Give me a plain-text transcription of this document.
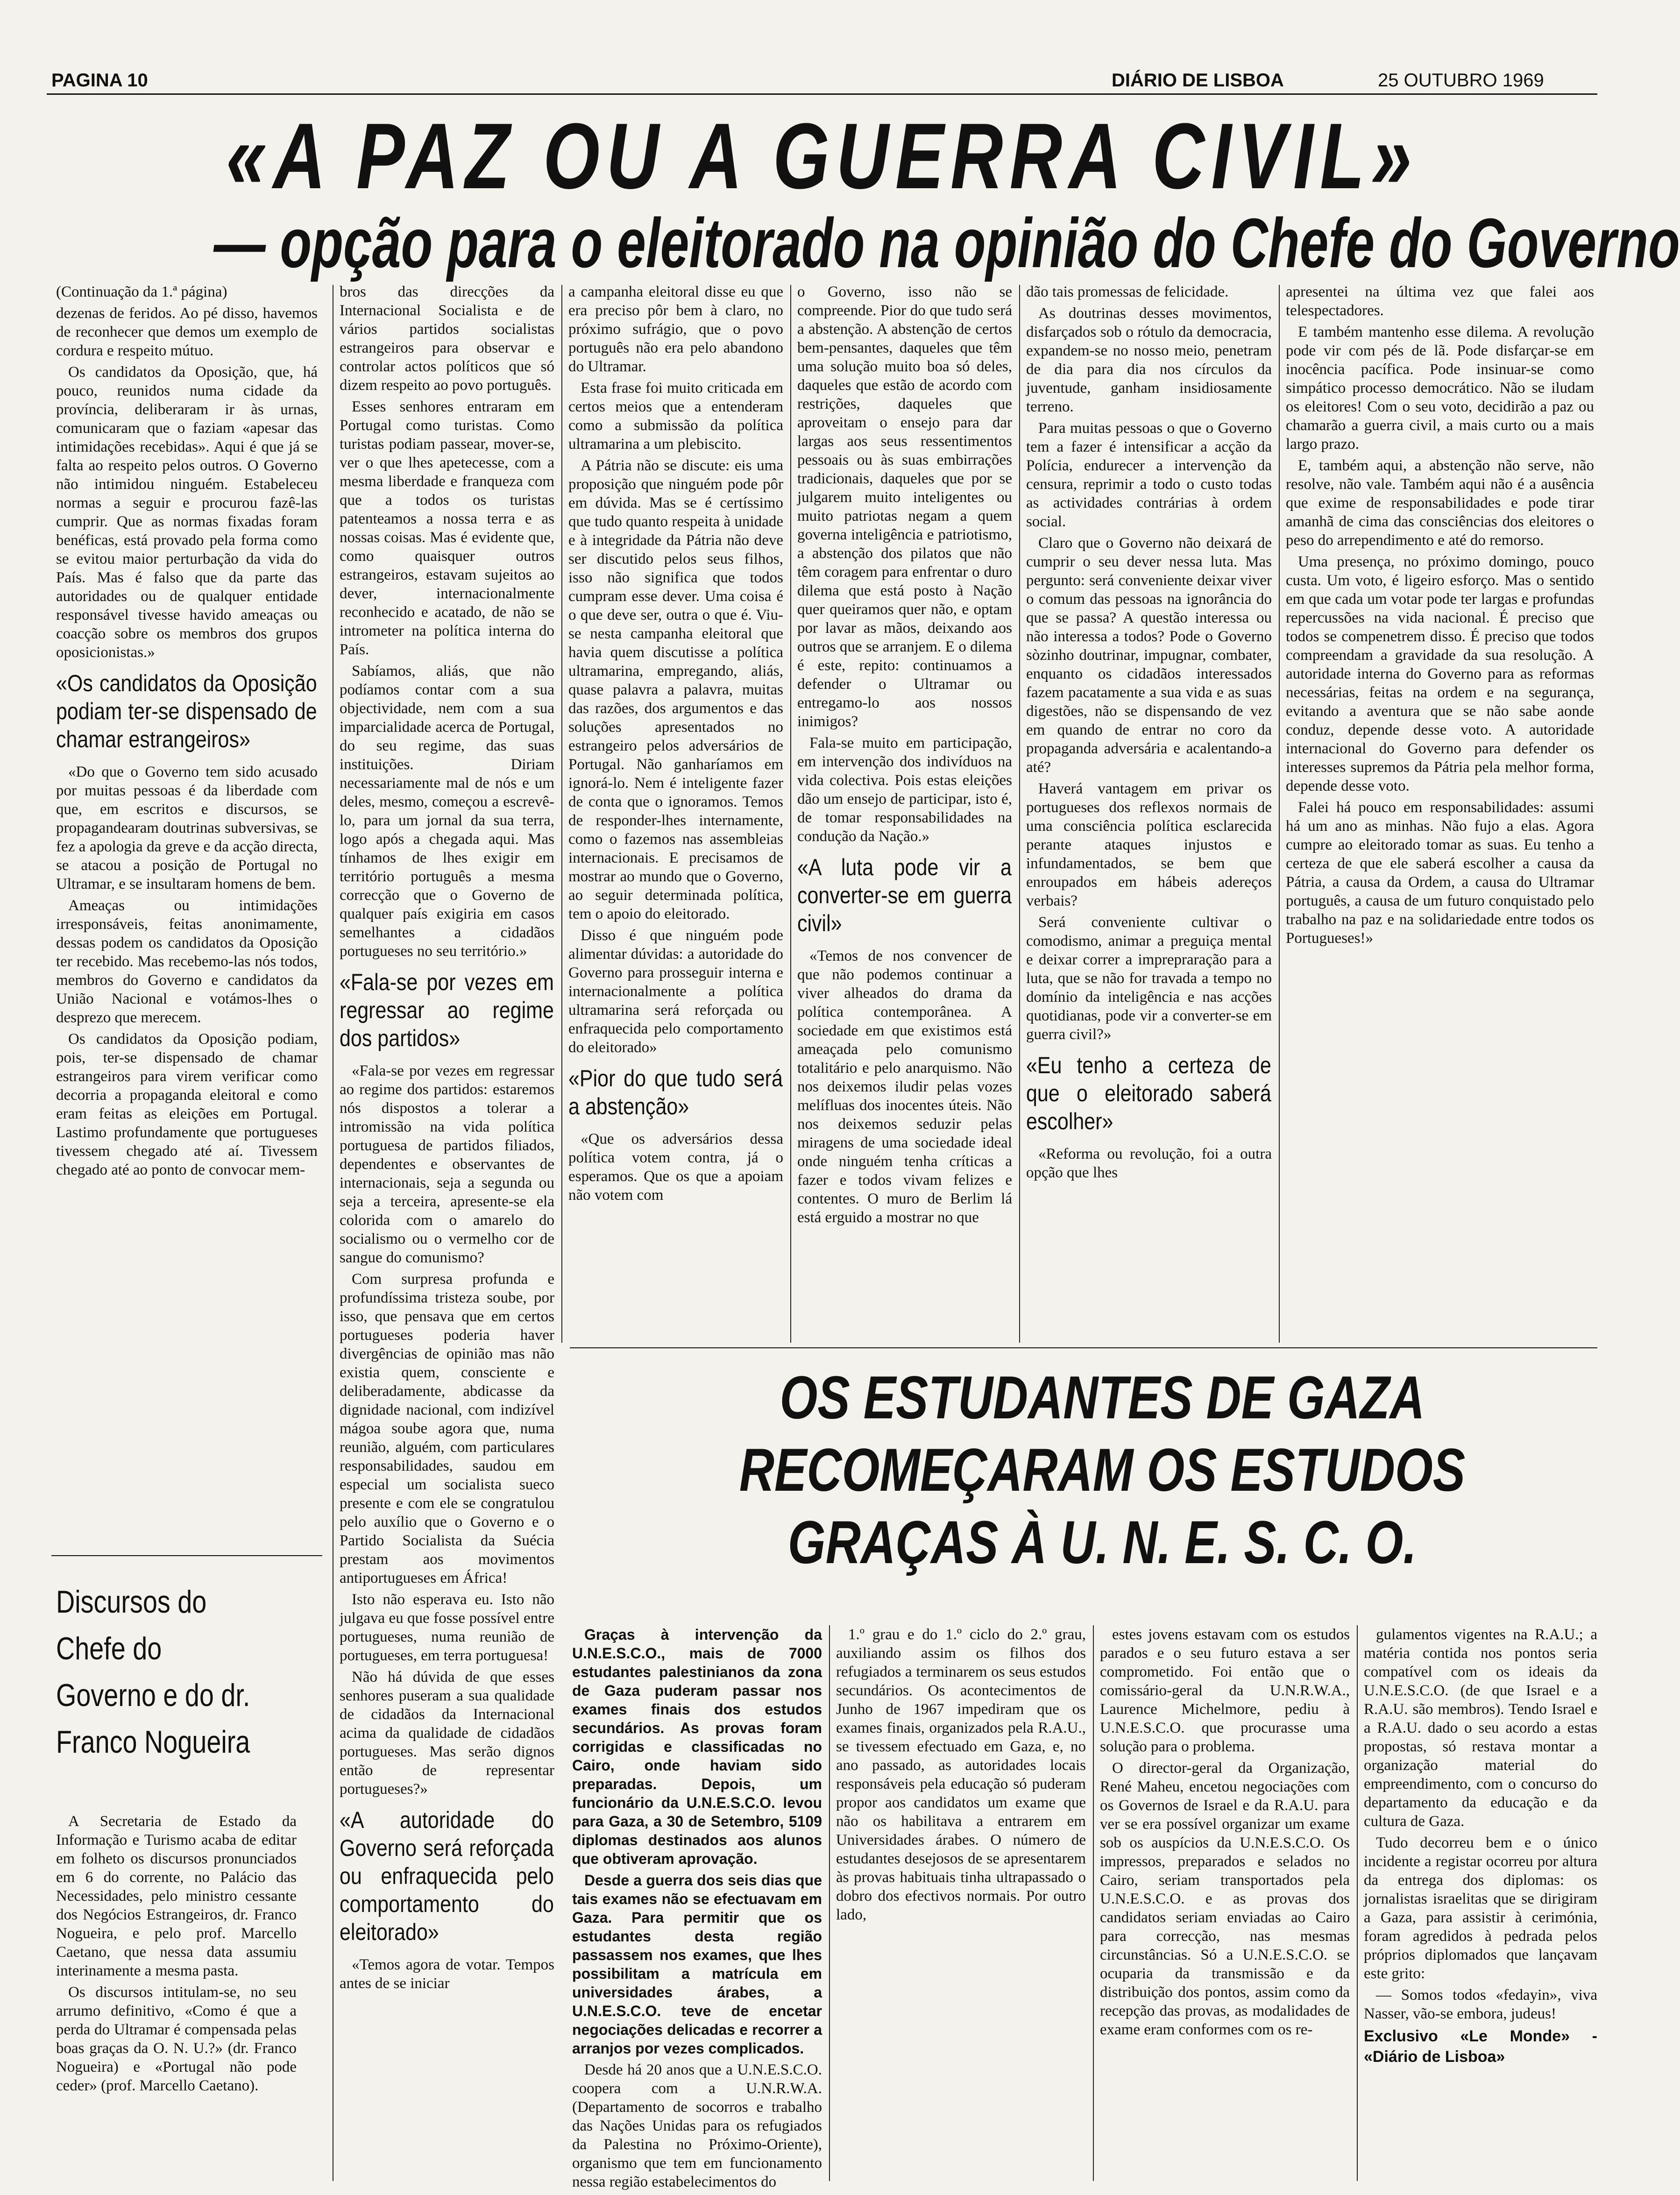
PAGINA 10	DIÁRIO DE LISBOA	25 OUTUBRO 1969
«A PAZ OU A GUERRA CIVIL»
— opção para o eleitorado na opinião do Chefe do Governo

(Continuação da 1.ª página)

dezenas de feridos. Ao pé disso, havemos de reconhecer que demos um exemplo de cordura e respeito mútuo.

Os candidatos da Oposição, que, há pouco, reunidos numa cidade da província, deliberaram ir às urnas, comunicaram que o faziam «apesar das intimidações recebidas». Aqui é que já se falta ao respeito pelos outros. O Governo não intimidou ninguém. Estabeleceu normas a seguir e procurou fazê-las cumprir. Que as normas fixadas foram benéficas, está provado pela forma como se evitou maior perturbação da vida do País. Mas é falso que da parte das autoridades ou de qualquer entidade responsável tivesse havido ameaças ou coacção sobre os membros dos grupos oposicionistas.»

«Os candidatos da Oposição podiam ter-se dispensado de chamar estrangeiros»

«Do que o Governo tem sido acusado por muitas pessoas é da liberdade com que, em escritos e discursos, se propagandearam doutrinas subversivas, se fez a apologia da greve e da acção directa, se atacou a posição de Portugal no Ultramar, e se insultaram homens de bem.

Ameaças ou intimidações irresponsáveis, feitas anonimamente, dessas podem os candidatos da Oposição ter recebido. Mas recebemo-las nós todos, membros do Governo e candidatos da União Nacional e votámos-lhes o desprezo que merecem.

Os candidatos da Oposição podiam, pois, ter-se dispensado de chamar estrangeiros para virem verificar como decorria a propaganda eleitoral e como eram feitas as eleições em Portugal. Lastimo profundamente que portugueses tivessem chegado até aí. Tivessem chegado até ao ponto de convocar mem-

bros das direcções da Internacional Socialista e de vários partidos socialistas estrangeiros para observar e controlar actos políticos que só dizem respeito ao povo português.

Esses senhores entraram em Portugal como turistas. Como turistas podiam passear, mover-se, ver o que lhes apetecesse, com a mesma liberdade e franqueza com que a todos os turistas patenteamos a nossa terra e as nossas coisas. Mas é evidente que, como quaisquer outros estrangeiros, estavam sujeitos ao dever, internacionalmente reconhecido e acatado, de não se intrometer na política interna do País.

Sabíamos, aliás, que não podíamos contar com a sua objectividade, nem com a sua imparcialidade acerca de Portugal, do seu regime, das suas instituições. Diriam necessariamente mal de nós e um deles, mesmo, começou a escrevê-lo, para um jornal da sua terra, logo após a chegada aqui. Mas tínhamos de lhes exigir em território português a mesma correcção que o Governo de qualquer país exigiria em casos semelhantes a cidadãos portugueses no seu território.»

«Fala-se por vezes em regressar ao regime dos partidos»

«Fala-se por vezes em regressar ao regime dos partidos: estaremos nós dispostos a tolerar a intromissão na vida política portuguesa de partidos filiados, dependentes e observantes de internacionais, seja a segunda ou seja a terceira, apresente-se ela colorida com o amarelo do socialismo ou o vermelho cor de sangue do comunismo?

Com surpresa profunda e profundíssima tristeza soube, por isso, que pensava que em certos portugueses poderia haver divergências de opinião mas não existia quem, consciente e deliberadamente, abdicasse da dignidade nacional, com indizível mágoa soube agora que, numa reunião, alguém, com particulares responsabilidades, saudou em especial um socialista sueco presente e com ele se congratulou pelo auxílio que o Governo e o Partido Socialista da Suécia prestam aos movimentos antiportugueses em África!

Isto não esperava eu. Isto não julgava eu que fosse possível entre portugueses, numa reunião de portugueses, em terra portuguesa!

Não há dúvida de que esses senhores puseram a sua qualidade de cidadãos da Internacional acima da qualidade de cidadãos portugueses. Mas serão dignos então de representar portugueses?»

«A autoridade do Governo será reforçada ou enfraquecida pelo comportamento do eleitorado»

«Temos agora de votar. Tempos antes de se iniciar

a campanha eleitoral disse eu que era preciso pôr bem à claro, no próximo sufrágio, que o povo português não era pelo abandono do Ultramar.

Esta frase foi muito criticada em certos meios que a entenderam como a submissão da política ultramarina a um plebiscito.

A Pátria não se discute: eis uma proposição que ninguém pode pôr em dúvida. Mas se é certíssimo que tudo quanto respeita à unidade e à integridade da Pátria não deve ser discutido pelos seus filhos, isso não significa que todos cumpram esse dever. Uma coisa é o que deve ser, outra o que é. Viu-se nesta campanha eleitoral que havia quem discutisse a política ultramarina, empregando, aliás, quase palavra a palavra, muitas das razões, dos argumentos e das soluções apresentados no estrangeiro pelos adversários de Portugal. Não ganharíamos em ignorá-lo. Nem é inteligente fazer de conta que o ignoramos. Temos de responder-lhes internamente, como o fazemos nas assembleias internacionais. E precisamos de mostrar ao mundo que o Governo, ao seguir determinada política, tem o apoio do eleitorado.

Disso é que ninguém pode alimentar dúvidas: a autoridade do Governo para prosseguir interna e internacionalmente a política ultramarina será reforçada ou enfraquecida pelo comportamento do eleitorado»

«Pior do que tudo será a abstenção»

«Que os adversários dessa política votem contra, já o esperamos. Que os que a apoiam não votem com

o Governo, isso não se compreende. Pior do que tudo será a abstenção. A abstenção de certos bem-pensantes, daqueles que têm uma solução muito boa só deles, daqueles que estão de acordo com restrições, daqueles que aproveitam o ensejo para dar largas aos seus ressentimentos pessoais ou às suas embirrações tradicionais, daqueles que por se julgarem muito inteligentes ou muito patriotas negam a quem governa inteligência e patriotismo, a abstenção dos pilatos que não têm coragem para enfrentar o duro dilema que está posto à Nação quer queiramos quer não, e optam por lavar as mãos, deixando aos outros que se arranjem. E o dilema é este, repito: continuamos a defender o Ultramar ou entregamo-lo aos nossos inimigos?

Fala-se muito em participação, em intervenção dos indivíduos na vida colectiva. Pois estas eleições dão um ensejo de participar, isto é, de tomar responsabilidades na condução da Nação.»

«A luta pode vir a converter-se em guerra civil»

«Temos de nos convencer de que não podemos continuar a viver alheados do drama da política contemporânea. A sociedade em que existimos está ameaçada pelo comunismo totalitário e pelo anarquismo. Não nos deixemos iludir pelas vozes melífluas dos inocentes úteis. Não nos deixemos seduzir pelas miragens de uma sociedade ideal onde ninguém tenha críticas a fazer e todos vivam felizes e contentes. O muro de Berlim lá está erguido a mostrar no que

dão tais promessas de felicidade.

As doutrinas desses movimentos, disfarçados sob o rótulo da democracia, expandem-se no nosso meio, penetram de dia para dia nos círculos da juventude, ganham insidiosamente terreno.

Para muitas pessoas o que o Governo tem a fazer é intensificar a acção da Polícia, endurecer a intervenção da censura, reprimir a todo o custo todas as actividades contrárias à ordem social.

Claro que o Governo não deixará de cumprir o seu dever nessa luta. Mas pergunto: será conveniente deixar viver o comum das pessoas na ignorância do que se passa? A questão interessa ou não interessa a todos? Pode o Governo sòzinho doutrinar, impugnar, combater, enquanto os cidadãos interessados fazem pacatamente a sua vida e as suas digestões, não se dispensando de vez em quando de entrar no coro da propaganda adversária e acalentando-a até?

Haverá vantagem em privar os portugueses dos reflexos normais de uma consciência política esclarecida perante ataques injustos e infundamentados, se bem que enroupados em hábeis adereços verbais?

Será conveniente cultivar o comodismo, animar a preguiça mental e deixar correr a imprepraração para a luta, que se não for travada a tempo no domínio da inteligência e nas acções quotidianas, pode vir a converter-se em guerra civil?»

«Eu tenho a certeza de que o eleitorado saberá escolher»

«Reforma ou revolução, foi a outra opção que lhes

apresentei na última vez que falei aos telespectadores.

E também mantenho esse dilema. A revolução pode vir com pés de lã. Pode disfarçar-se em inocência pacífica. Pode insinuar-se como simpático processo democrático. Não se iludam os eleitores! Com o seu voto, decidirão a paz ou chamarão a guerra civil, a mais curto ou a mais largo prazo.

E, também aqui, a abstenção não serve, não resolve, não vale. Também aqui não é a ausência que exime de responsabilidades e pode tirar amanhã de cima das consciências dos eleitores o peso do arrependimento e até do remorso.

Uma presença, no próximo domingo, pouco custa. Um voto, é ligeiro esforço. Mas o sentido em que cada um votar pode ter largas e profundas repercussões na vida nacional. É preciso que todos se compenetrem disso. É preciso que todos compreendam a gravidade da sua resolução. A autoridade interna do Governo para as reformas necessárias, feitas na ordem e na segurança, evitando a aventura que se não sabe aonde conduz, depende desse voto. A autoridade internacional do Governo para defender os interesses supremos da Pátria pela melhor forma, depende desse voto.

Falei há pouco em responsabilidades: assumi há um ano as minhas. Não fujo a elas. Agora cumpre ao eleitorado tomar as suas. Eu tenho a certeza de que ele saberá escolher a causa da Pátria, a causa da Ordem, a causa do Ultramar português, a causa de um futuro conquistado pelo trabalho na paz e na solidariedade entre todos os Portugueses!»

Discursos do Chefe do Governo e do dr. Franco Nogueira

A Secretaria de Estado da Informação e Turismo acaba de editar em folheto os discursos pronunciados em 6 do corrente, no Palácio das Necessidades, pelo ministro cessante dos Negócios Estrangeiros, dr. Franco Nogueira, e pelo prof. Marcello Caetano, que nessa data assumiu interinamente a mesma pasta.

Os discursos intitulam-se, no seu arrumo definitivo, «Como é que a perda do Ultramar é compensada pelas boas graças da O. N. U.?» (dr. Franco Nogueira) e «Portugal não pode ceder» (prof. Marcello Caetano).

OS ESTUDANTES DE GAZA RECOMEÇARAM OS ESTUDOS GRAÇAS À U. N. E. S. C. O.

Graças à intervenção da U.N.E.S.C.O., mais de 7000 estudantes palestinianos da zona de Gaza puderam passar nos exames finais dos estudos secundários. As provas foram corrigidas e classificadas no Cairo, onde haviam sido preparadas. Depois, um funcionário da U.N.E.S.C.O. levou para Gaza, a 30 de Setembro, 5109 diplomas destinados aos alunos que obtiveram aprovação.

Desde a guerra dos seis dias que tais exames não se efectuavam em Gaza. Para permitir que os estudantes desta região passassem nos exames, que lhes possibilitam a matrícula em universidades árabes, a U.N.E.S.C.O. teve de encetar negociações delicadas e recorrer a arranjos por vezes complicados.

Desde há 20 anos que a U.N.E.S.C.O. coopera com a U.N.R.W.A. (Departamento de socorros e trabalho das Nações Unidas para os refugiados da Palestina no Próximo-Oriente), organismo que tem em funcionamento nessa região estabelecimentos do

1.º grau e do 1.º ciclo do 2.º grau, auxiliando assim os filhos dos refugiados a terminarem os seus estudos secundários. Os acontecimentos de Junho de 1967 impediram que os exames finais, organizados pela R.A.U., se tivessem efectuado em Gaza, e, no ano passado, as autoridades locais responsáveis pela educação só puderam propor aos candidatos um exame que não os habilitava a entrarem em Universidades árabes. O número de estudantes desejosos de se apresentarem às provas habituais tinha ultrapassado o dobro dos efectivos normais. Por outro lado,

estes jovens estavam com os estudos parados e o seu futuro estava a ser comprometido. Foi então que o comissário-geral da U.N.R.W.A., Laurence Michelmore, pediu à U.N.E.S.C.O. que procurasse uma solução para o problema.

O director-geral da Organização, René Maheu, encetou negociações com os Governos de Israel e da R.A.U. para ver se era possível organizar um exame sob os auspícios da U.N.E.S.C.O. Os impressos, preparados e selados no Cairo, seriam transportados pela U.N.E.S.C.O. e as provas dos candidatos seriam enviadas ao Cairo para correcção, nas mesmas circunstâncias. Só a U.N.E.S.C.O. se ocuparia da transmissão e da distribuição dos pontos, assim como da recepção das provas, as modalidades de exame eram conformes com os re-

gulamentos vigentes na R.A.U.; a matéria contida nos pontos seria compatível com os ideais da U.N.E.S.C.O. (de que Israel e a R.A.U. são membros). Tendo Israel e a R.A.U. dado o seu acordo a estas propostas, só restava montar a organização material do empreendimento, com o concurso do departamento da educação e da cultura de Gaza.

Tudo decorreu bem e o único incidente a registar ocorreu por altura da entrega dos diplomas: os jornalistas israelitas que se dirigiram a Gaza, para assistir à cerimónia, foram agredidos à pedrada pelos próprios diplomados que lançavam este grito:

— Somos todos «fedayin», viva Nasser, vão-se embora, judeus!

Exclusivo «Le Monde» - «Diário de Lisboa»
